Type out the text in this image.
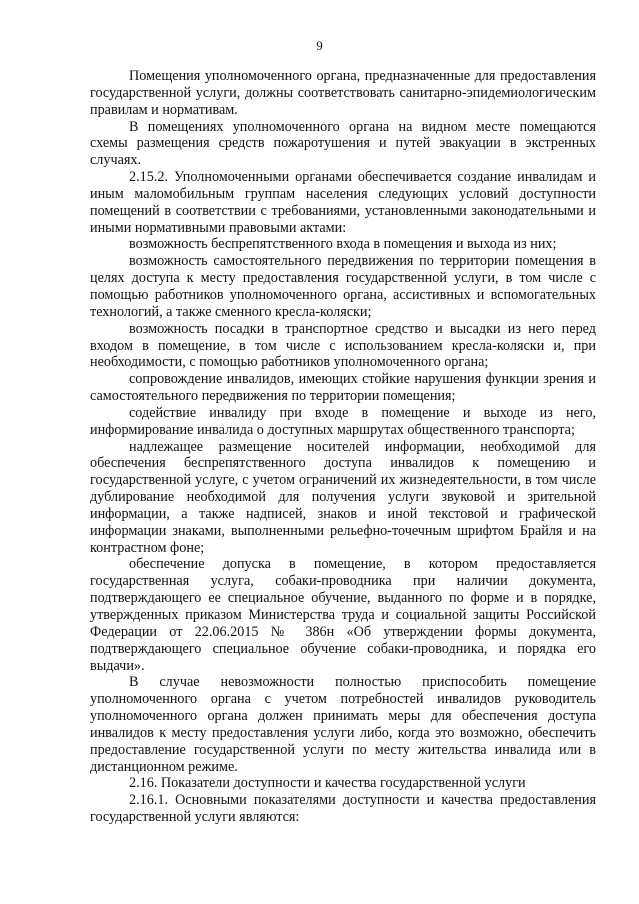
9

Помещения уполномоченного органа, предназначенные для предоставления государственной услуги, должны соответствовать санитарно-эпидемиологическим правилам и нормативам.

В помещениях уполномоченного органа на видном месте помещаются схемы размещения средств пожаротушения и путей эвакуации в экстренных случаях.

2.15.2. Уполномоченными органами обеспечивается создание инвалидам и иным маломобильным группам населения следующих условий доступности помещений в соответствии с требованиями, установленными законодательными и иными нормативными правовыми актами:

возможность беспрепятственного входа в помещения и выхода из них;

возможность самостоятельного передвижения по территории помещения в целях доступа к месту предоставления государственной услуги, в том числе с помощью работников уполномоченного органа, ассистивных и вспомогательных технологий, а также сменного кресла-коляски;

возможность посадки в транспортное средство и высадки из него перед входом в помещение, в том числе с использованием кресла-коляски и, при необходимости, с помощью работников уполномоченного органа;

сопровождение инвалидов, имеющих стойкие нарушения функции зрения и самостоятельного передвижения по территории помещения;

содействие инвалиду при входе в помещение и выходе из него, информирование инвалида о доступных маршрутах общественного транспорта;

надлежащее размещение носителей информации, необходимой для обеспечения беспрепятственного доступа инвалидов к помещению и государственной услуге, с учетом ограничений их жизнедеятельности, в том числе дублирование необходимой для получения услуги звуковой и зрительной информации, а также надписей, знаков и иной текстовой и графической информации знаками, выполненными рельефно-точечным шрифтом Брайля и на контрастном фоне;

обеспечение допуска в помещение, в котором предоставляется государственная услуга, собаки-проводника при наличии документа, подтверждающего ее специальное обучение, выданного по форме и в порядке, утвержденных приказом Министерства труда и социальной защиты Российской Федерации от 22.06.2015 № 386н «Об утверждении формы документа, подтверждающего специальное обучение собаки-проводника, и порядка его выдачи».

В случае невозможности полностью приспособить помещение уполномоченного органа с учетом потребностей инвалидов руководитель уполномоченного органа должен принимать меры для обеспечения доступа инвалидов к месту предоставления услуги либо, когда это возможно, обеспечить предоставление государственной услуги по месту жительства инвалида или в дистанционном режиме.

2.16. Показатели доступности и качества государственной услуги

2.16.1. Основными показателями доступности и качества предоставления государственной услуги являются:
